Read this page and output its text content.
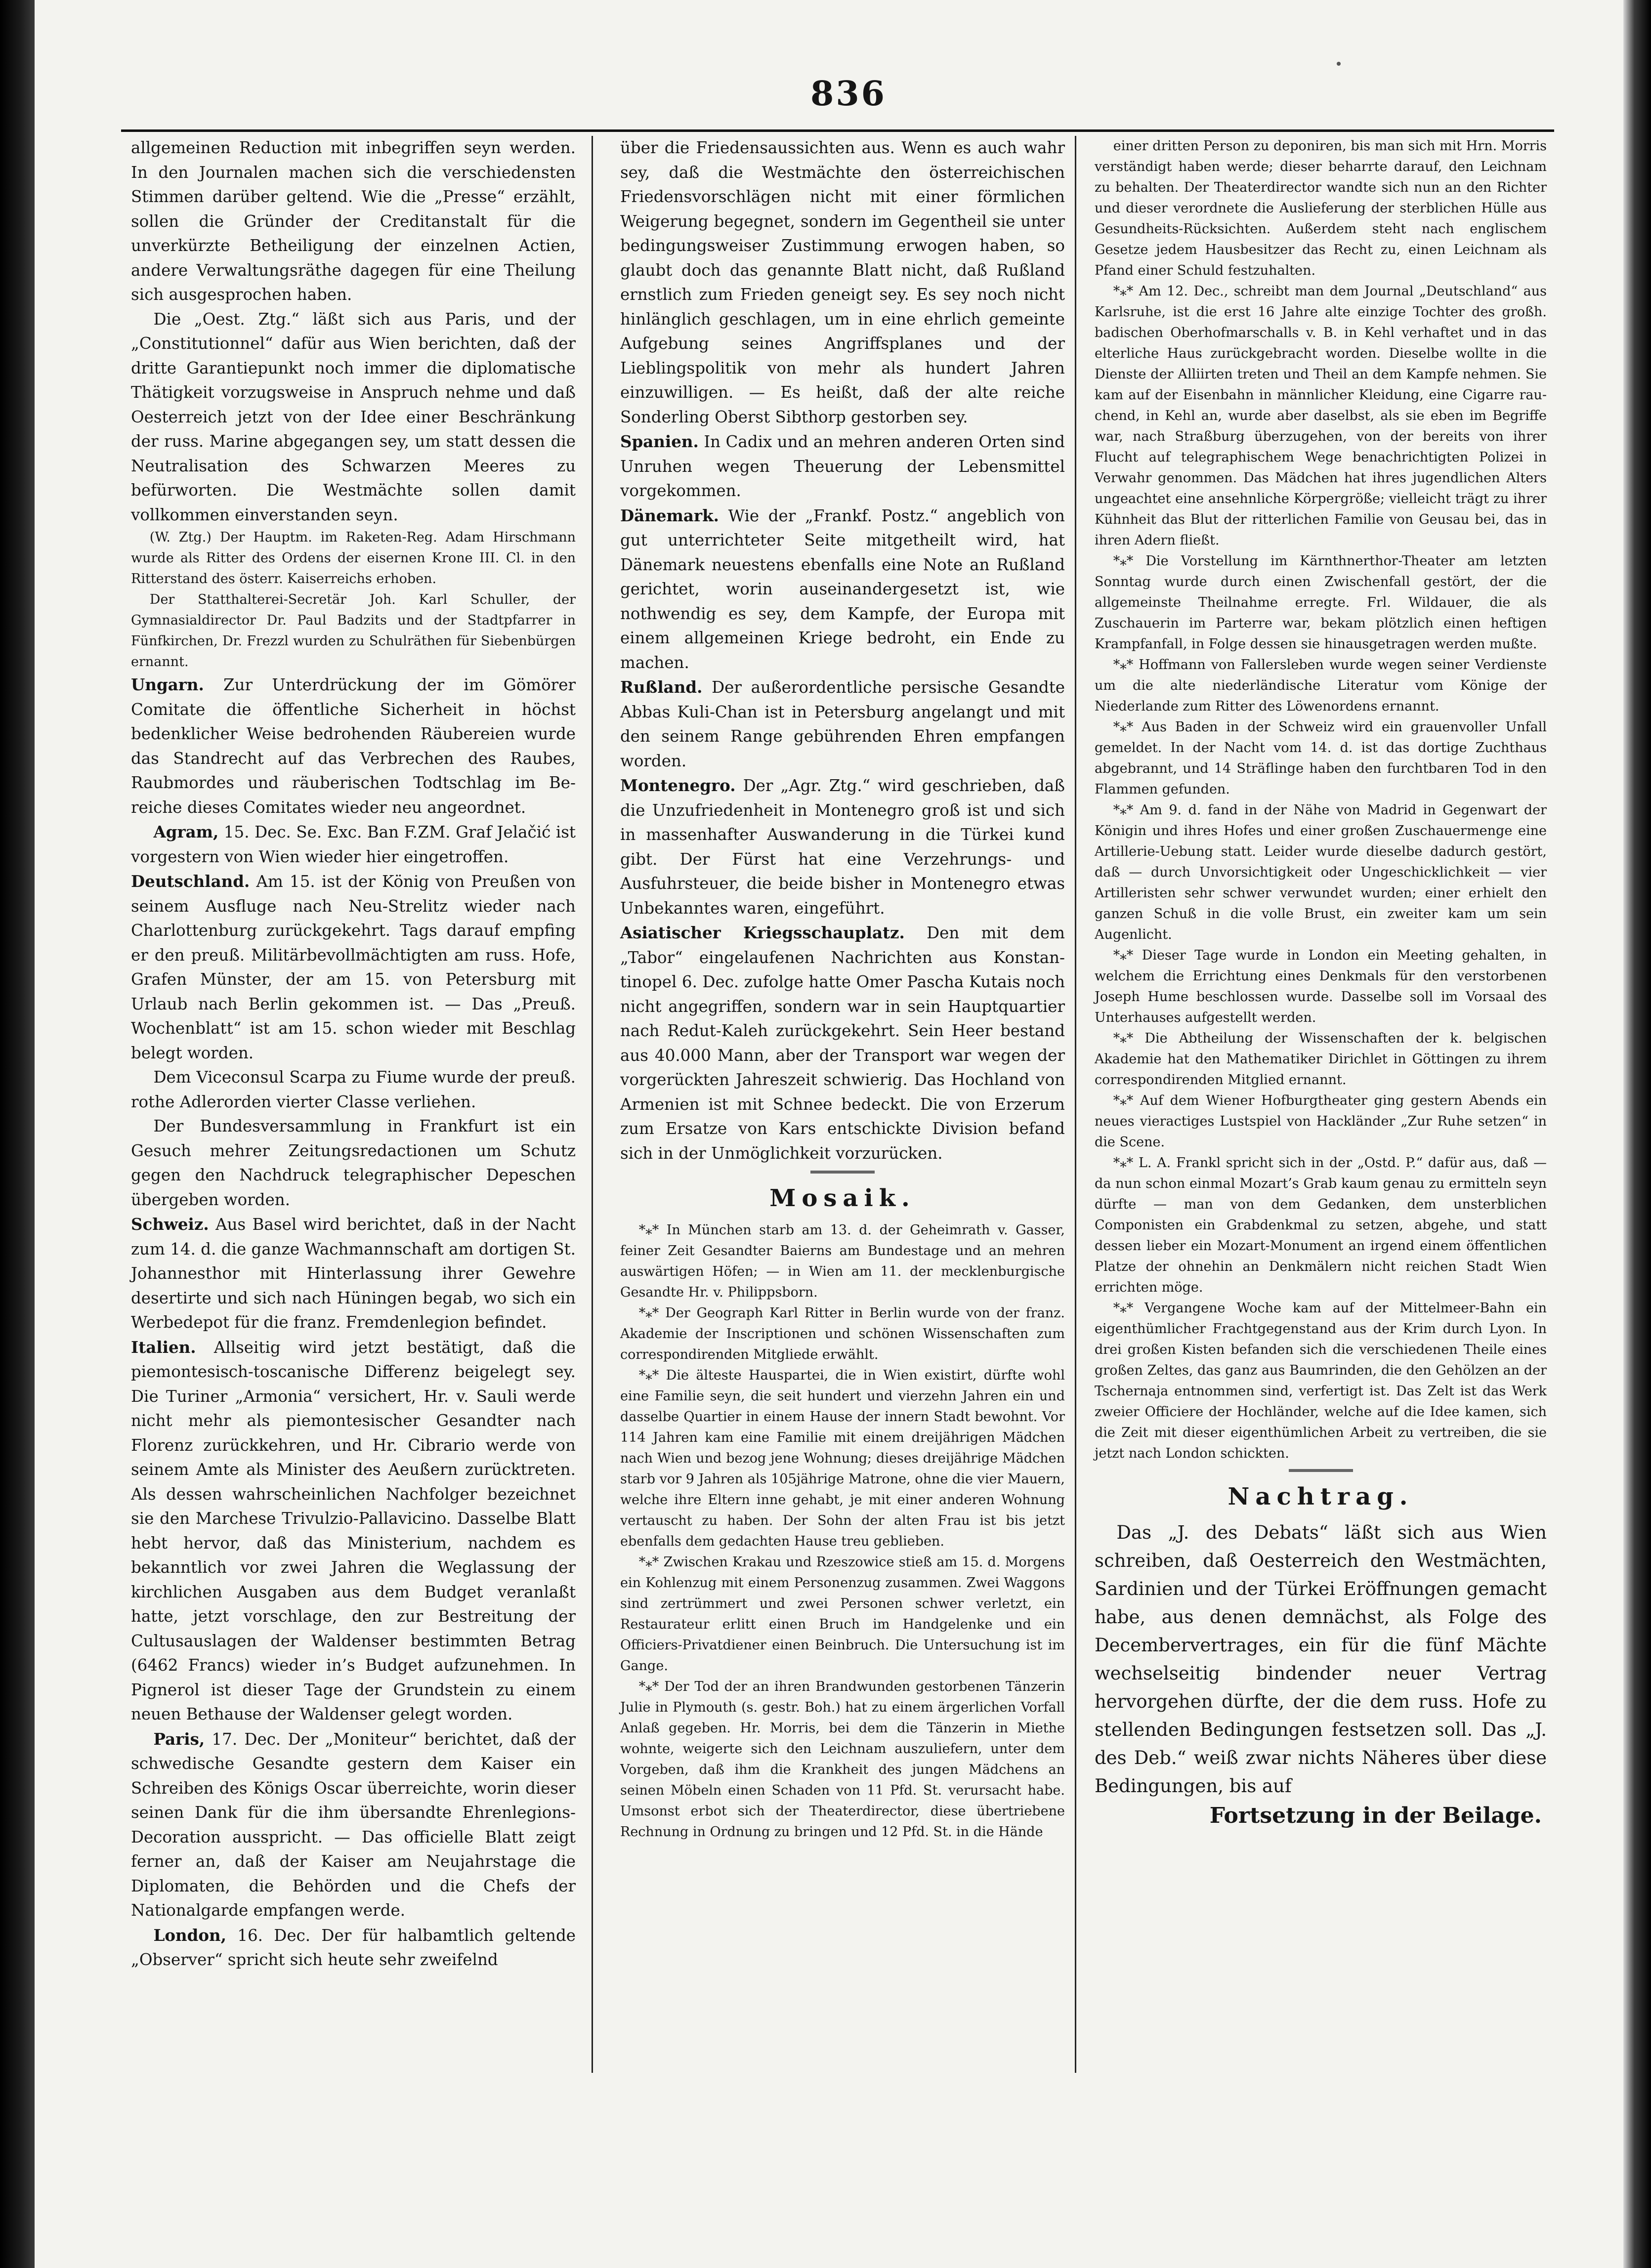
836

allgemeinen Reduction mit inbegriffen seyn werden. In den Journalen machen sich die verschiedensten Stimmen darüber geltend. Wie die „Presse“ erzählt, sollen die Gründer der Creditanstalt für die unverkürzte Betheiligung der einzelnen Actien, andere Verwaltungsräthe dagegen für eine Theilung sich ausgesprochen haben.

Die „Oest. Ztg.“ läßt sich aus Paris, und der „Constitutionnel“ dafür aus Wien berichten, daß der dritte Garantiepunkt noch immer die diplomatische Thätigkeit vorzugsweise in Anspruch nehme und daß Oesterreich jetzt von der Idee einer Beschränkung der russ. Marine abgegangen sey, um statt dessen die Neutralisation des Schwarzen Meeres zu befürworten. Die Westmächte sollen damit vollkommen einverstanden seyn.

(W. Ztg.) Der Hauptm. im Raketen-Reg. Adam Hirschmann wurde als Ritter des Ordens der eisernen Krone III. Cl. in den Ritterstand des österr. Kaiserreichs erhoben.

Der Statthalterei-Secretär Joh. Karl Schuller, der Gymnasialdirector Dr. Paul Badzits und der Stadtpfarrer in Fünfkirchen, Dr. Frezzl wurden zu Schulräthen für Siebenbürgen ernannt.

Ungarn. Zur Unterdrückung der im Gömörer Comitate die öffentliche Sicherheit in höchst bedenklicher Weise bedrohenden Räubereien wurde das Standrecht auf das Verbrechen des Raubes, Raubmordes und räuberischen Todtschlag im Bereiche dieses Comitates wieder neu angeordnet.

Agram, 15. Dec. Se. Exc. Ban F.ZM. Graf Jelačić ist vorgestern von Wien wieder hier eingetroffen.

Deutschland. Am 15. ist der König von Preußen von seinem Ausfluge nach Neu-Strelitz wieder nach Charlottenburg zurückgekehrt. Tags darauf empfing er den preuß. Militärbevollmächtigten am russ. Hofe, Grafen Münster, der am 15. von Petersburg mit Urlaub nach Berlin gekommen ist. — Das „Preuß. Wochenblatt“ ist am 15. schon wieder mit Beschlag belegt worden.

Dem Viceconsul Scarpa zu Fiume wurde der preuß. rothe Adlerorden vierter Classe verliehen.

Der Bundesversammlung in Frankfurt ist ein Gesuch mehrer Zeitungsredactionen um Schutz gegen den Nachdruck telegraphischer Depeschen übergeben worden.

Schweiz. Aus Basel wird berichtet, daß in der Nacht zum 14. d. die ganze Wachmannschaft am dortigen St. Johannesthor mit Hinterlassung ihrer Gewehre desertirte und sich nach Hüningen begab, wo sich ein Werbedepot für die franz. Fremdenlegion befindet.

Italien. Allseitig wird jetzt bestätigt, daß die piemontesisch-toscanische Differenz beigelegt sey. Die Turiner „Armonia“ versichert, Hr. v. Sauli werde nicht mehr als piemontesischer Gesandter nach Florenz zurückkehren, und Hr. Cibrario werde von seinem Amte als Minister des Aeußern zurücktreten. Als dessen wahrscheinlichen Nachfolger bezeichnet sie den Marchese Trivulzio-Pallavicino. Dasselbe Blatt hebt hervor, daß das Ministerium, nachdem es bekanntlich vor zwei Jahren die Weglassung der kirchlichen Ausgaben aus dem Budget veranlaßt hatte, jetzt vorschlage, den zur Bestreitung der Cultusauslagen der Waldenser bestimmten Betrag (6462 Francs) wieder in’s Budget aufzunehmen. In Pignerol ist dieser Tage der Grundstein zu einem neuen Bethause der Waldenser gelegt worden.

Paris, 17. Dec. Der „Moniteur“ berichtet, daß der schwedische Gesandte gestern dem Kaiser ein Schreiben des Königs Oscar überreichte, worin dieser seinen Dank für die ihm übersandte Ehrenlegions-Decoration ausspricht. — Das officielle Blatt zeigt ferner an, daß der Kaiser am Neujahrstage die Diplomaten, die Behörden und die Chefs der Nationalgarde empfangen werde.

London, 16. Dec. Der für halbamtlich geltende „Observer“ spricht sich heute sehr zweifelnd

über die Friedensaussichten aus. Wenn es auch wahr sey, daß die Westmächte den österreichischen Friedensvorschlägen nicht mit einer förmlichen Weigerung begegnet, sondern im Gegentheil sie unter bedingungsweiser Zustimmung erwogen haben, so glaubt doch das genannte Blatt nicht, daß Rußland ernstlich zum Frieden geneigt sey. Es sey noch nicht hinlänglich geschlagen, um in eine ehrlich gemeinte Aufgebung seines Angriffsplanes und der Lieblingspolitik von mehr als hundert Jahren einzuwilligen. — Es heißt, daß der alte reiche Sonderling Oberst Sibthorp gestorben sey.

Spanien. In Cadix und an mehren anderen Orten sind Unruhen wegen Theuerung der Lebensmittel vorgekommen.

Dänemark. Wie der „Frankf. Postz.“ angeblich von gut unterrichteter Seite mitgetheilt wird, hat Dänemark neuestens ebenfalls eine Note an Rußland gerichtet, worin auseinandergesetzt ist, wie nothwendig es sey, dem Kampfe, der Europa mit einem allgemeinen Kriege bedroht, ein Ende zu machen.

Rußland. Der außerordentliche persische Gesandte Abbas Kuli-Chan ist in Petersburg angelangt und mit den seinem Range gebührenden Ehren empfangen worden.

Montenegro. Der „Agr. Ztg.“ wird geschrieben, daß die Unzufriedenheit in Montenegro groß ist und sich in massenhafter Auswanderung in die Türkei kund gibt. Der Fürst hat eine Verzehrungs- und Ausfuhrsteuer, die beide bisher in Montenegro etwas Unbekanntes waren, eingeführt.

Asiatischer Kriegsschauplatz. Den mit dem „Tabor“ eingelaufenen Nachrichten aus Konstantinopel 6. Dec. zufolge hatte Omer Pascha Kutais noch nicht angegriffen, sondern war in sein Hauptquartier nach Redut-Kaleh zurückgekehrt. Sein Heer bestand aus 40.000 Mann, aber der Transport war wegen der vorgerückten Jahreszeit schwierig. Das Hochland von Armenien ist mit Schnee bedeckt. Die von Erzerum zum Ersatze von Kars entschickte Division befand sich in der Unmöglichkeit vorzurücken.

Mosaik.

*⁎* In München starb am 13. d. der Geheimrath v. Gasser, feiner Zeit Gesandter Baierns am Bundestage und an mehren auswärtigen Höfen; — in Wien am 11. der mecklenburgische Gesandte Hr. v. Philippsborn.

*⁎* Der Geograph Karl Ritter in Berlin wurde von der franz. Akademie der Inscriptionen und schönen Wissenschaften zum correspondirenden Mitgliede erwählt.

*⁎* Die älteste Hauspartei, die in Wien existirt, dürfte wohl eine Familie seyn, die seit hundert und vierzehn Jahren ein und dasselbe Quartier in einem Hause der innern Stadt bewohnt. Vor 114 Jahren kam eine Familie mit einem dreijährigen Mädchen nach Wien und bezog jene Wohnung; dieses dreijährige Mädchen starb vor 9 Jahren als 105jährige Matrone, ohne die vier Mauern, welche ihre Eltern inne gehabt, je mit einer anderen Wohnung vertauscht zu haben. Der Sohn der alten Frau ist bis jetzt ebenfalls dem gedachten Hause treu geblieben.

*⁎* Zwischen Krakau und Rzeszowice stieß am 15. d. Morgens ein Kohlenzug mit einem Personenzug zusammen. Zwei Waggons sind zertrümmert und zwei Personen schwer verletzt, ein Restaurateur erlitt einen Bruch im Handgelenke und ein Officiers-Privatdiener einen Beinbruch. Die Untersuchung ist im Gange.

*⁎* Der Tod der an ihren Brandwunden gestorbenen Tänzerin Julie in Plymouth (s. gestr. Boh.) hat zu einem ärgerlichen Vorfall Anlaß gegeben. Hr. Morris, bei dem die Tänzerin in Miethe wohnte, weigerte sich den Leichnam auszuliefern, unter dem Vorgeben, daß ihm die Krankheit des jungen Mädchens an seinen Möbeln einen Schaden von 11 Pfd. St. verursacht habe. Umsonst erbot sich der Theaterdirector, diese übertriebene Rechnung in Ordnung zu bringen und 12 Pfd. St. in die Hände

einer dritten Person zu deponiren, bis man sich mit Hrn. Morris verständigt haben werde; dieser beharrte darauf, den Leichnam zu behalten. Der Theaterdirector wandte sich nun an den Richter und dieser verordnete die Auslieferung der sterblichen Hülle aus Gesundheits-Rücksichten. Außerdem steht nach englischem Gesetze jedem Hausbesitzer das Recht zu, einen Leichnam als Pfand einer Schuld festzuhalten.

*⁎* Am 12. Dec., schreibt man dem Journal „Deutschland“ aus Karlsruhe, ist die erst 16 Jahre alte einzige Tochter des großh. badischen Oberhofmarschalls v. B. in Kehl verhaftet und in das elterliche Haus zurückgebracht worden. Dieselbe wollte in die Dienste der Alliirten treten und Theil an dem Kampfe nehmen. Sie kam auf der Eisenbahn in männlicher Kleidung, eine Cigarre rauchend, in Kehl an, wurde aber daselbst, als sie eben im Begriffe war, nach Straßburg überzugehen, von der bereits von ihrer Flucht auf telegraphischem Wege benachrichtigten Polizei in Verwahr genommen. Das Mädchen hat ihres jugendlichen Alters ungeachtet eine ansehnliche Körpergröße; vielleicht trägt zu ihrer Kühnheit das Blut der ritterlichen Familie von Geusau bei, das in ihren Adern fließt.

*⁎* Die Vorstellung im Kärnthnerthor-Theater am letzten Sonntag wurde durch einen Zwischenfall gestört, der die allgemeinste Theilnahme erregte. Frl. Wildauer, die als Zuschauerin im Parterre war, bekam plötzlich einen heftigen Krampfanfall, in Folge dessen sie hinausgetragen werden mußte.

*⁎* Hoffmann von Fallersleben wurde wegen seiner Verdienste um die alte niederländische Literatur vom Könige der Niederlande zum Ritter des Löwenordens ernannt.

*⁎* Aus Baden in der Schweiz wird ein grauenvoller Unfall gemeldet. In der Nacht vom 14. d. ist das dortige Zuchthaus abgebrannt, und 14 Sträflinge haben den furchtbaren Tod in den Flammen gefunden.

*⁎* Am 9. d. fand in der Nähe von Madrid in Gegenwart der Königin und ihres Hofes und einer großen Zuschauermenge eine Artillerie-Uebung statt. Leider wurde dieselbe dadurch gestört, daß — durch Unvorsichtigkeit oder Ungeschicklichkeit — vier Artilleristen sehr schwer verwundet wurden; einer erhielt den ganzen Schuß in die volle Brust, ein zweiter kam um sein Augenlicht.

*⁎* Dieser Tage wurde in London ein Meeting gehalten, in welchem die Errichtung eines Denkmals für den verstorbenen Joseph Hume beschlossen wurde. Dasselbe soll im Vorsaal des Unterhauses aufgestellt werden.

*⁎* Die Abtheilung der Wissenschaften der k. belgischen Akademie hat den Mathematiker Dirichlet in Göttingen zu ihrem correspondirenden Mitglied ernannt.

*⁎* Auf dem Wiener Hofburgtheater ging gestern Abends ein neues vieractiges Lustspiel von Hackländer „Zur Ruhe setzen“ in die Scene.

*⁎* L. A. Frankl spricht sich in der „Ostd. P.“ dafür aus, daß — da nun schon einmal Mozart’s Grab kaum genau zu ermitteln seyn dürfte — man von dem Gedanken, dem unsterblichen Componisten ein Grabdenkmal zu setzen, abgehe, und statt dessen lieber ein Mozart-Monument an irgend einem öffentlichen Platze der ohnehin an Denkmälern nicht reichen Stadt Wien errichten möge.

*⁎* Vergangene Woche kam auf der Mittelmeer-Bahn ein eigenthümlicher Frachtgegenstand aus der Krim durch Lyon. In drei großen Kisten befanden sich die verschiedenen Theile eines großen Zeltes, das ganz aus Baumrinden, die den Gehölzen an der Tschernaja entnommen sind, verfertigt ist. Das Zelt ist das Werk zweier Officiere der Hochländer, welche auf die Idee kamen, sich die Zeit mit dieser eigenthümlichen Arbeit zu vertreiben, die sie jetzt nach London schickten.

Nachtrag.

Das „J. des Debats“ läßt sich aus Wien schreiben, daß Oesterreich den Westmächten, Sardinien und der Türkei Eröffnungen gemacht habe, aus denen demnächst, als Folge des Decembervertrages, ein für die fünf Mächte wechselseitig bindender neuer Vertrag hervorgehen dürfte, der die dem russ. Hofe zu stellenden Bedingungen festsetzen soll. Das „J. des Deb.“ weiß zwar nichts Näheres über diese Bedingungen, bis auf

Fortsetzung in der Beilage.
